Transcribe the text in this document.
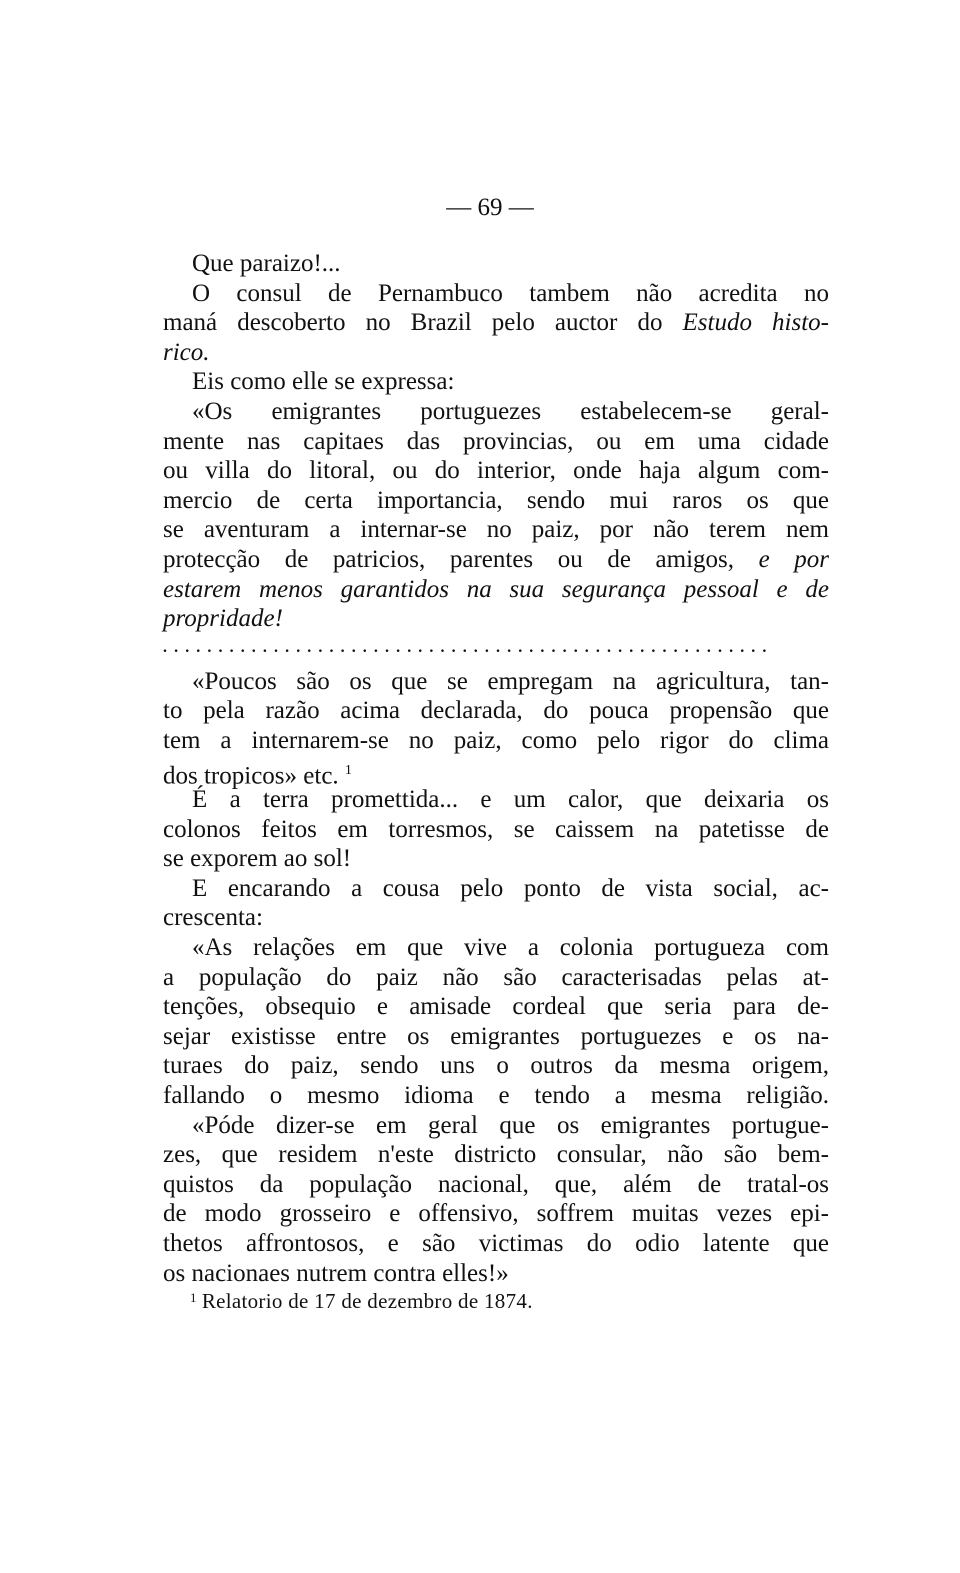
— 69 —
Que paraizo!...
O consul de Pernambuco tambem não acredita no
maná descoberto no Brazil pelo auctor do Estudo histo-
rico.
Eis como elle se expressa:
«Os emigrantes portuguezes estabelecem-se geral-
mente nas capitaes das provincias, ou em uma cidade
ou villa do litoral, ou do interior, onde haja algum com-
mercio de certa importancia, sendo mui raros os que
se aventuram a internar-se no paiz, por não terem nem
protecção de patricios, parentes ou de amigos, e por
estarem menos garantidos na sua segurança pessoal e de
propridade!
.......................................................
«Poucos são os que se empregam na agricultura, tan-
to pela razão acima declarada, do pouca propensão que
tem a internarem-se no paiz, como pelo rigor do clima
dos tropicos» etc. $^1$
É a terra promettida... e um calor, que deixaria os
colonos feitos em torresmos, se caissem na patetisse de
se exporem ao sol!
E encarando a cousa pelo ponto de vista social, ac-
crescenta:
«As relações em que vive a colonia portugueza com
a população do paiz não são caracterisadas pelas at-
tenções, obsequio e amisade cordeal que seria para de-
sejar existisse entre os emigrantes portuguezes e os na-
turaes do paiz, sendo uns o outros da mesma origem,
fallando o mesmo idioma e tendo a mesma religião.
«Póde dizer-se em geral que os emigrantes portugue-
zes, que residem n'este districto consular, não são bem-
quistos da população nacional, que, além de tratal-os
de modo grosseiro e offensivo, soffrem muitas vezes epi-
thetos affrontosos, e são victimas do odio latente que
os nacionaes nutrem contra elles!»
$^1$ Relatorio de 17 de dezembro de 1874.
